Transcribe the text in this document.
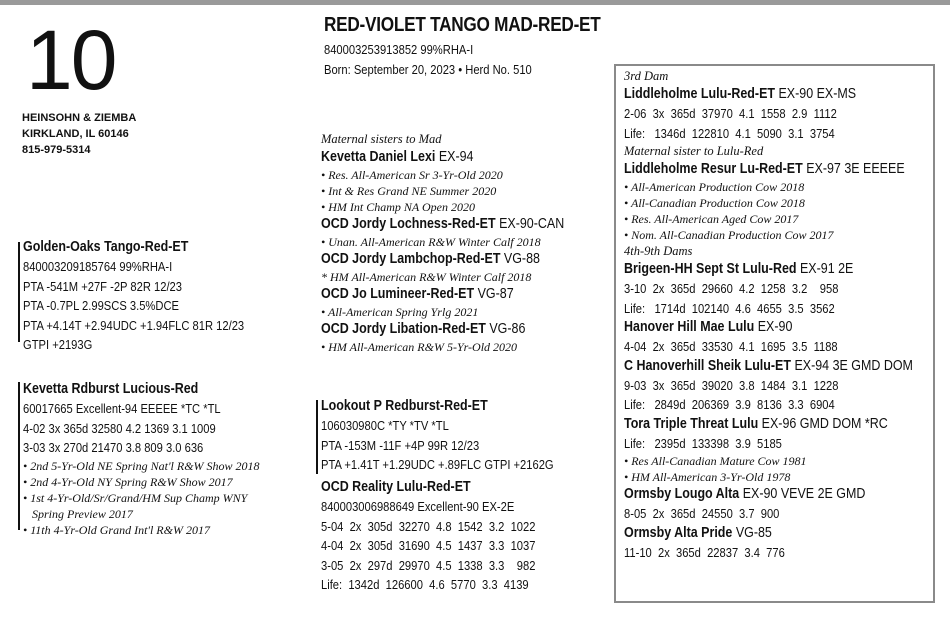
10
HEINSOHN & ZIEMBA
KIRKLAND, IL 60146
815-979-5314
RED-VIOLET TANGO MAD-RED-ET
840003253913852 99%RHA-I
Born: September 20, 2023 • Herd No. 510
Golden-Oaks Tango-Red-ET
840003209185764 99%RHA-I
PTA -541M +27F -2P 82R 12/23
PTA -0.7PL 2.99SCS 3.5%DCE
PTA +4.14T +2.94UDC +1.94FLC 81R 12/23
GTPI +2193G
Kevetta Rdburst Lucious-Red
60017665 Excellent-94 EEEEE *TC *TL
4-02 3x 365d 32580 4.2 1369 3.1 1009
3-03 3x 270d 21470 3.8 809 3.0 636
• 2nd 5-Yr-Old NE Spring Nat'l R&W Show 2018
• 2nd 4-Yr-Old NY Spring R&W Show 2017
• 1st 4-Yr-Old/Sr/Grand/HM Sup Champ WNY
Spring Preview 2017
• 11th 4-Yr-Old Grand Int'l R&W 2017
Maternal sisters to Mad
Kevetta Daniel Lexi EX-94
• Res. All-American Sr 3-Yr-Old 2020
• Int & Res Grand NE Summer 2020
• HM Int Champ NA Open 2020
OCD Jordy Lochness-Red-ET EX-90-CAN
• Unan. All-American R&W Winter Calf 2018
OCD Jordy Lambchop-Red-ET VG-88
* HM All-American R&W Winter Calf 2018
OCD Jo Lumineer-Red-ET VG-87
• All-American Spring Yrlg 2021
OCD Jordy Libation-Red-ET VG-86
• HM All-American R&W 5-Yr-Old 2020
Lookout P Redburst-Red-ET
106030980C *TY *TV *TL
PTA -153M -11F +4P 99R 12/23
PTA +1.41T +1.29UDC +.89FLC GTPI +2162G
OCD Reality Lulu-Red-ET
840003006988649 Excellent-90 EX-2E
5-04  2x  305d  32270  4.8  1542  3.2  1022
4-04  2x  305d  31690  4.5  1437  3.3  1037
3-05  2x  297d  29970  4.5  1338  3.3    982
Life:  1342d  126600  4.6  5770  3.3  4139
3rd Dam
Liddleholme Lulu-Red-ET EX-90 EX-MS
2-06  3x  365d  37970  4.1  1558  2.9  1112
Life:   1346d  122810  4.1  5090  3.1  3754
Maternal sister to Lulu-Red
Liddleholme Resur Lu-Red-ET EX-97 3E EEEEE
• All-American Production Cow 2018
• All-Canadian Production Cow 2018
• Res. All-American Aged Cow 2017
• Nom. All-Canadian Production Cow 2017
4th-9th Dams
Brigeen-HH Sept St Lulu-Red EX-91 2E
3-10  2x  365d  29660  4.2  1258  3.2    958
Life:   1714d  102140  4.6  4655  3.5  3562
Hanover Hill Mae Lulu EX-90
4-04  2x  365d  33530  4.1  1695  3.5  1188
C Hanoverhill Sheik Lulu-ET EX-94 3E GMD DOM
9-03  3x  365d  39020  3.8  1484  3.1  1228
Life:   2849d  206369  3.9  8136  3.3  6904
Tora Triple Threat Lulu EX-96 GMD DOM *RC
Life:   2395d  133398  3.9  5185
• Res All-Canadian Mature Cow 1981
• HM All-American 3-Yr-Old 1978
Ormsby Lougo Alta EX-90 VEVE 2E GMD
8-05  2x  365d  24550  3.7  900
Ormsby Alta Pride VG-85
11-10  2x  365d  22837  3.4  776
